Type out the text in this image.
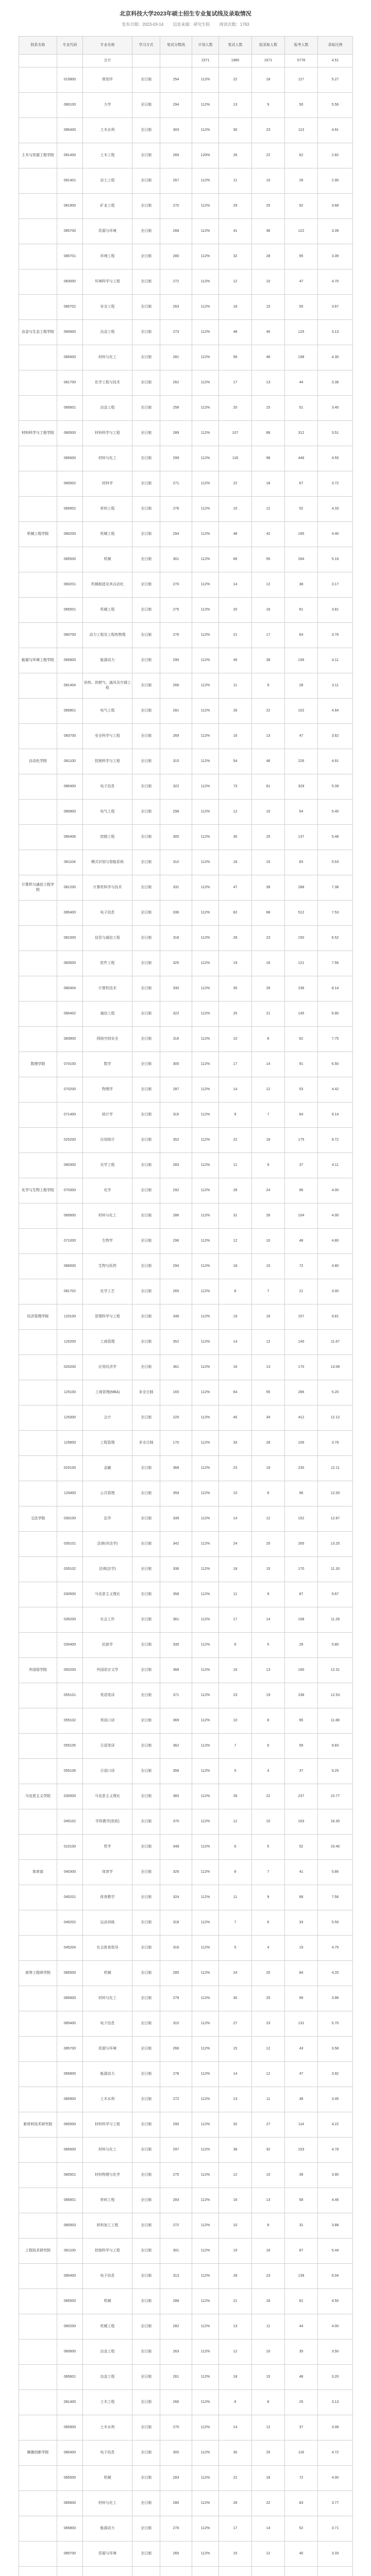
北京科技大学2023年硕士招生专业复试线及录取情况
发布日期：2023-03-14 信息来源：研究生院 阅读次数：1763
院系名称	专业代码	专业名称	学习方式	复试分数线	计划人数	复试人数	拟录取人数	报考人数	录取比例
		合计			1571	1985	1571	5778	4.51
	019900	规划学	全日制	254	112%	22	18	117	5.27
	080100	力学	全日制	294	112%	13	9	50	5.56
	085400	土木水利	全日制	303	112%	30	23	113	4.91
土木与资源工程学院	081400	土木工程	全日制	269	120%	26	22	62	2.82
	081401	岩土工程	全日制	267	112%	11	10	29	2.90
	081900	矿业工程	全日制	270	112%	29	25	92	3.68
	085700	资源与环境	全日制	268	112%	41	36	122	3.39
	085701	环境工程	全日制	280	112%	32	28	95	3.39
	083000	环境科学与工程	全日制	272	112%	12	10	47	4.70
	085702	安全工程	全日制	263	112%	18	15	55	3.67
冶金与生态工程学院	080600	冶金工程	全日制	273	112%	48	40	125	3.13
	085600	材料与化工	全日制	281	112%	56	46	198	4.30
	081700	化学工程与技术	全日制	262	112%	17	13	44	3.38
	085601	冶金工程	全日制	258	112%	20	15	51	3.40
材料科学与工程学院	080500	材料科学与工程	全日制	289	112%	107	89	312	3.51
	085600	材料与化工	全日制	299	112%	118	98	446	4.55
	080502	材料学	全日制	271	112%	22	18	67	3.72
	085602	材料工程	全日制	276	112%	15	12	52	4.33
机械工程学院	080200	机械工程	全日制	294	112%	48	42	185	4.40
	085500	机械	全日制	301	112%	66	55	284	5.16
	080201	机械制造及其自动化	全日制	270	112%	14	12	38	3.17
	085501	机械工程	全日制	275	112%	20	16	61	3.81
	080700	动力工程及工程热物理	全日制	276	112%	21	17	64	3.76
能源与环境工程学院	085800	能源动力	全日制	290	112%	45	38	156	4.11
	081404	供热、供燃气、通风及空调工程	全日制	266	112%	11	9	28	3.11
	085801	电气工程	全日制	281	112%	26	22	102	4.64
	083700	安全科学与工程	全日制	269	112%	16	13	47	3.62
自动化学院	081100	控制科学与工程	全日制	315	112%	54	46	226	4.91
	085400	电子信息	全日制	322	112%	73	61	329	5.39
	080800	电气工程	全日制	298	112%	12	10	54	5.40
	085406	控制工程	全日制	305	112%	30	25	137	5.48
	081104	模式识别与智能系统	全日制	310	112%	18	15	83	5.53
计算机与通信工程学院	081200	计算机科学与技术	全日制	331	112%	47	39	288	7.38
	085400	电子信息	全日制	336	112%	82	68	512	7.53
	081000	信息与通信工程	全日制	318	112%	28	23	150	6.52
	083500	软件工程	全日制	325	112%	19	16	121	7.56
	085404	计算机技术	全日制	330	112%	35	29	236	8.14
	085402	通信工程	全日制	322	112%	25	21	145	6.90
	083900	网络空间安全	全日制	316	112%	10	8	62	7.75
数理学院	070100	数学	全日制	305	112%	17	14	91	6.50
	070200	物理学	全日制	287	112%	14	12	53	4.42
	071400	统计学	全日制	315	112%	9	7	64	9.14
	025200	应用统计	全日制	352	112%	22	18	175	9.72
	080300	光学工程	全日制	283	112%	11	9	37	4.11
化学与生物工程学院	070300	化学	全日制	292	112%	28	24	96	4.00
	085600	材料与化工	全日制	286	112%	31	26	104	4.00
	071000	生物学	全日制	296	112%	12	10	48	4.80
	086000	生物与医药	全日制	294	112%	18	15	72	4.80
	081702	化学工艺	全日制	265	112%	8	7	21	3.00
经济管理学院	120100	管理科学与工程	全日制	346	112%	19	16	157	9.81
	120200	工商管理	全日制	352	112%	14	12	140	11.67
	020200	应用经济学	全日制	361	112%	16	13	170	13.08
	125100	工商管理(MBA)	非全日制	165	112%	64	55	286	5.20
	125300	会计	全日制	220	112%	40	34	412	12.12
	125600	工程管理	非全日制	170	112%	33	28	106	3.79
	025100	金融	全日制	368	112%	23	19	230	12.11
	120400	公共管理	全日制	359	112%	10	8	96	12.00
文法学院	030100	法学	全日制	339	112%	14	12	152	12.67
	035101	法律(非法学)	全日制	342	112%	24	20	265	13.25
	035102	法律(法学)	全日制	336	112%	18	15	170	11.33
	030500	马克思主义理论	全日制	358	112%	11	9	87	9.67
	035200	社会工作	全日制	361	112%	17	14	158	11.29
	030400	民族学	全日制	335	112%	6	5	29	5.80
外国语学院	050200	外国语言文学	全日制	368	112%	16	13	160	12.31
	055101	英语笔译	全日制	371	112%	23	19	238	12.53
	055102	英语口译	全日制	369	112%	10	8	95	11.88
	055105	日语笔译	全日制	362	112%	7	6	59	9.83
	055106	日语口译	全日制	358	112%	5	4	37	9.25
马克思主义学院	030500	马克思主义理论	全日制	365	112%	26	22	237	10.77
	045102	学科教学(思政)	全日制	370	112%	12	10	163	16.30
	010100	哲学	全日制	348	112%	6	5	52	10.40
体育部	040300	体育学	全日制	326	112%	8	7	41	5.86
	045201	体育教学	全日制	324	112%	11	9	68	7.56
	045202	运动训练	全日制	318	112%	7	6	33	5.50
	045204	社会体育指导	全日制	316	112%	5	4	19	4.75
高等工程师学院	085500	机械	全日制	285	112%	24	20	84	4.20
	085600	材料与化工	全日制	279	112%	30	25	99	3.96
	085400	电子信息	全日制	310	112%	27	23	131	5.70
	085700	资源与环境	全日制	266	112%	15	12	43	3.58
	085800	能源动力	全日制	278	112%	14	12	47	3.92
	085900	土木水利	全日制	272	112%	13	11	38	3.45
新材料技术研究院	080500	材料科学与工程	全日制	290	112%	32	27	114	4.22
	085600	材料与化工	全日制	297	112%	38	32	153	4.78
	080501	材料物理与化学	全日制	275	112%	12	10	39	3.90
	085601	材料工程	全日制	283	112%	16	13	58	4.46
	080503	材料加工工程	全日制	272	112%	10	8	31	3.88
工程技术研究院	081100	控制科学与工程	全日制	301	112%	19	16	87	5.44
	085400	电子信息	全日制	313	112%	28	23	139	6.04
	085500	机械	全日制	288	112%	21	18	81	4.50
	080200	机械工程	全日制	282	112%	13	11	44	4.00
	080600	冶金工程	全日制	263	112%	12	10	35	3.50
	085601	冶金工程	全日制	261	112%	18	15	48	3.20
	081400	土木工程	全日制	266	112%	9	8	25	3.13
	085900	土木水利	全日制	270	112%	14	12	37	3.08
顺德创新学院	085400	电子信息	全日制	305	112%	30	25	118	4.72
	085500	机械	全日制	283	112%	22	18	72	4.00
	085600	材料与化工	全日制	280	112%	26	22	83	3.77
	085800	能源动力	全日制	276	112%	17	14	52	3.71
	085700	资源与环境	全日制	265	112%	15	12	40	3.33
